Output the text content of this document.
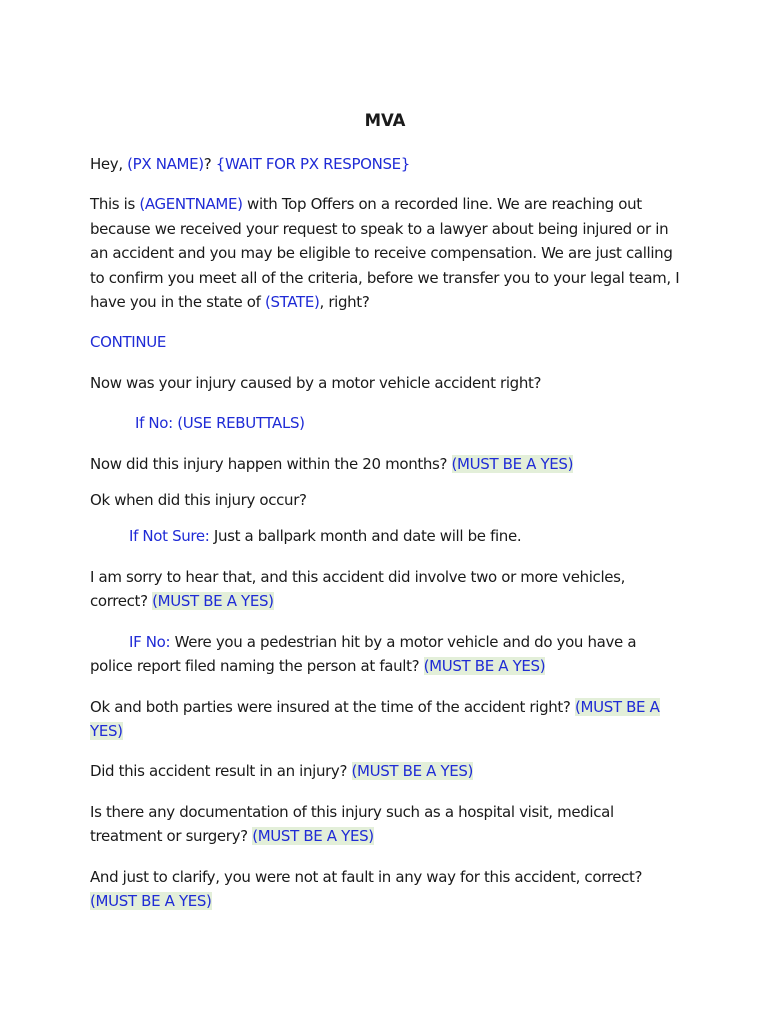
MVA

Hey, (PX NAME)? {WAIT FOR PX RESPONSE}

This is (AGENTNAME) with Top Offers on a recorded line. We are reaching out because we received your request to speak to a lawyer about being injured or in an accident and you may be eligible to receive compensation. We are just calling to confirm you meet all of the criteria, before we transfer you to your legal team, I have you in the state of (STATE), right?

CONTINUE

Now was your injury caused by a motor vehicle accident right?

If No: (USE REBUTTALS)

Now did this injury happen within the 20 months? (MUST BE A YES)

Ok when did this injury occur?

If Not Sure: Just a ballpark month and date will be fine.

I am sorry to hear that, and this accident did involve two or more vehicles, correct? (MUST BE A YES)

IF No: Were you a pedestrian hit by a motor vehicle and do you have a police report filed naming the person at fault? (MUST BE A YES)

Ok and both parties were insured at the time of the accident right? (MUST BE A YES)

Did this accident result in an injury? (MUST BE A YES)

Is there any documentation of this injury such as a hospital visit, medical treatment or surgery? (MUST BE A YES)

And just to clarify, you were not at fault in any way for this accident, correct? (MUST BE A YES)
